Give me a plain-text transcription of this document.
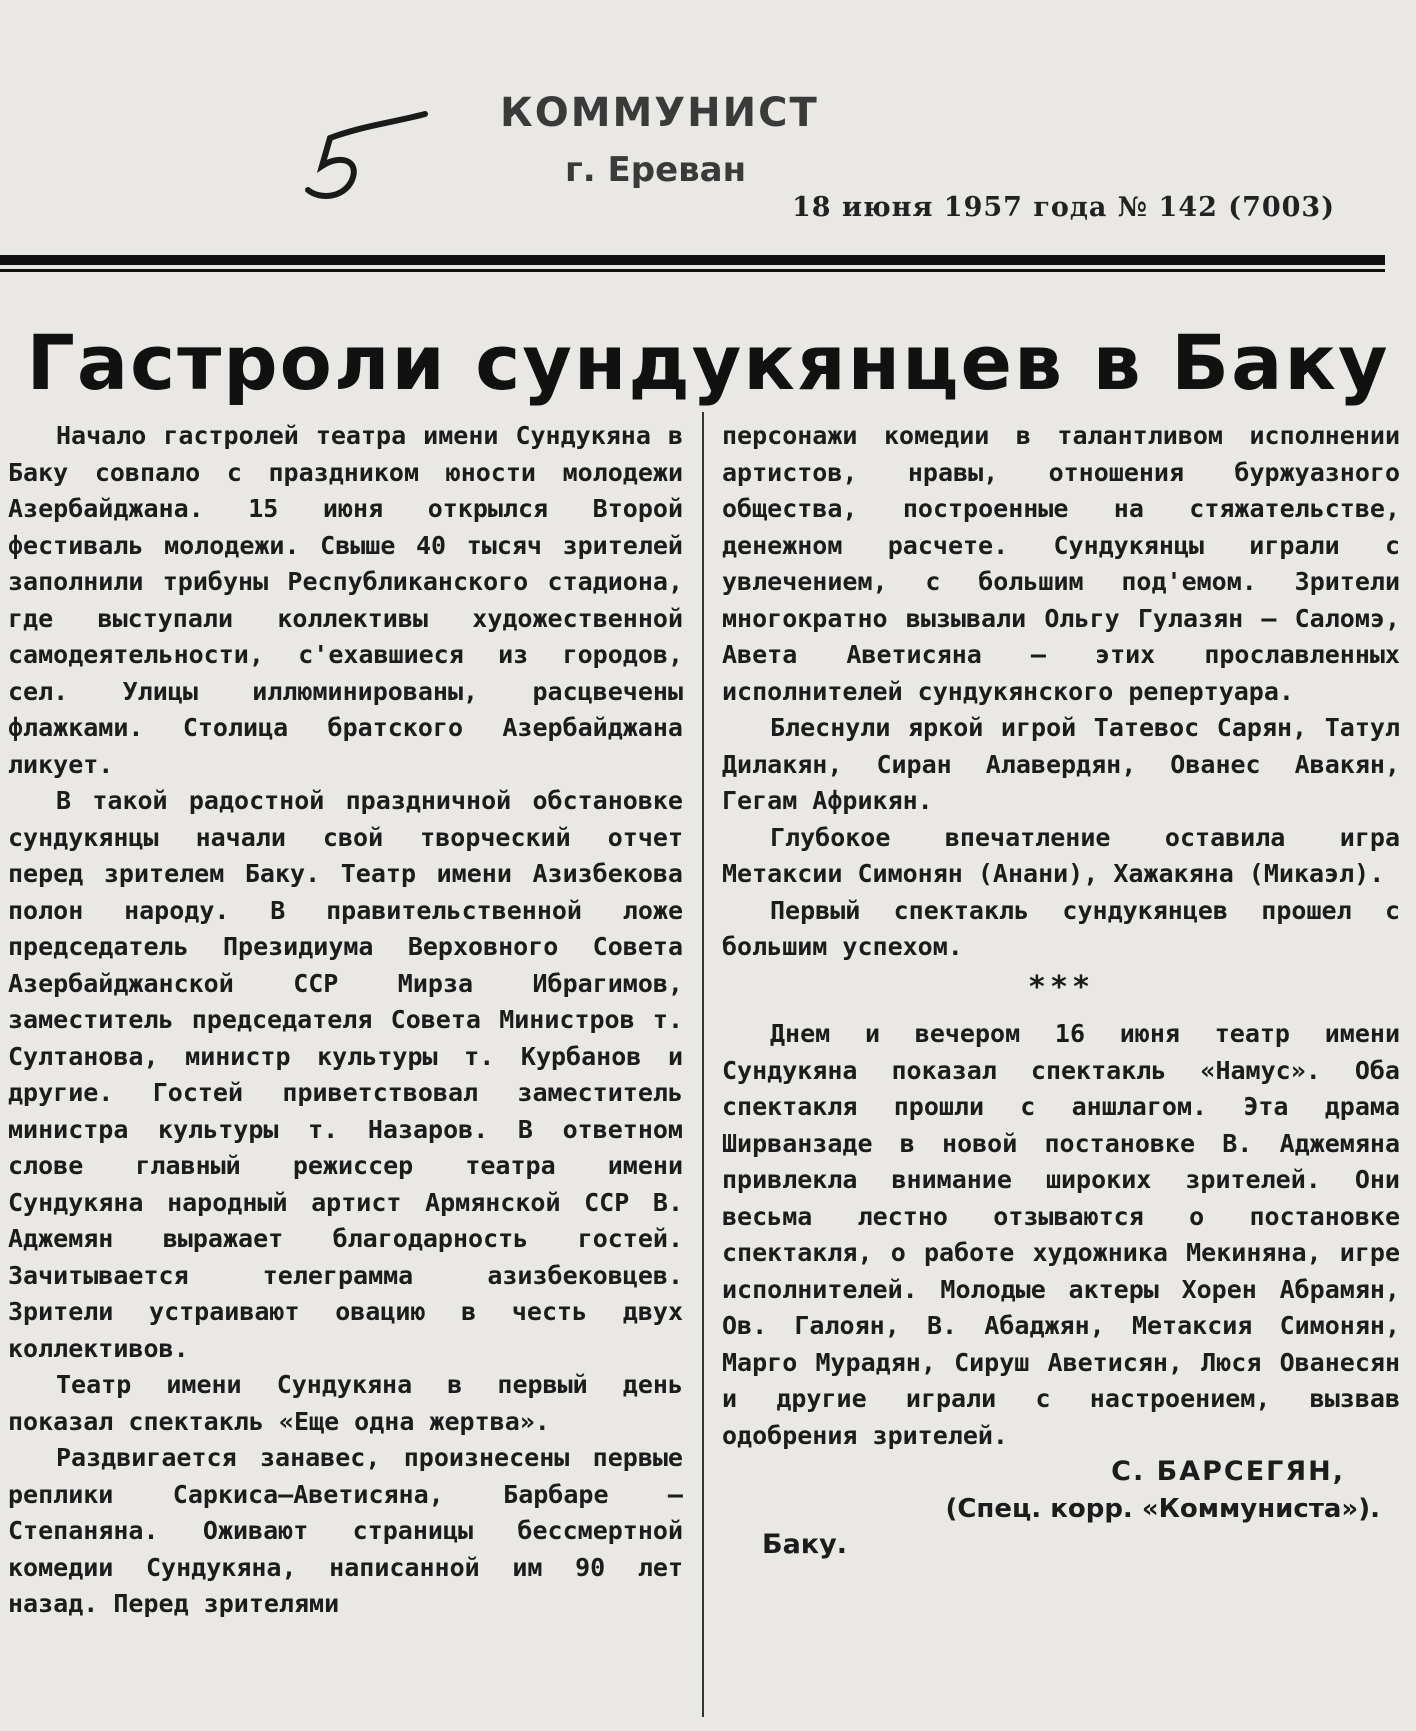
КОММУНИСТ
г. Ереван
18 июня 1957 года № 142 (7003)
Гастроли сундукянцев в Баку

Начало гастролей театра имени Сундукяна в Баку совпало с праздником юности молодежи Азербайджана. 15 июня открылся Второй фестиваль молодежи. Свыше 40 тысяч зрителей заполнили трибуны Республиканского стадиона, где выступали коллективы художественной самодеятельности, с'ехавшиеся из городов, сел. Улицы иллюминированы, расцвечены флажками. Столица братского Азербайджана ликует.

В такой радостной праздничной обстановке сундукянцы начали свой творческий отчет перед зрителем Баку. Театр имени Азизбекова полон народу. В правительственной ложе председатель Президиума Верховного Совета Азербайджанской ССР Мирза Ибрагимов, заместитель председателя Совета Министров т. Султанова, министр культуры т. Курбанов и другие. Гостей приветствовал заместитель министра культуры т. Назаров. В ответном слове главный режиссер театра имени Сундукяна народный артист Армянской ССР В. Аджемян выражает благодарность гостей. Зачитывается телеграмма азизбековцев. Зрители устраивают овацию в честь двух коллективов.

Театр имени Сундукяна в первый день показал спектакль «Еще одна жертва».

Раздвигается занавес, произнесены первые реплики Саркиса—Аветисяна, Барбаре — Степаняна. Оживают страницы бессмертной комедии Сундукяна, написанной им 90 лет назад. Перед зрителями

персонажи комедии в талантливом исполнении артистов, нравы, отношения буржуазного общества, построенные на стяжательстве, денежном расчете. Сундукянцы играли с увлечением, с большим под'емом. Зрители многократно вызывали Ольгу Гулазян — Саломэ, Авета Аветисяна — этих прославленных исполнителей сундукянского репертуара.

Блеснули яркой игрой Татевос Сарян, Татул Дилакян, Сиран Алавердян, Ованес Авакян, Гегам Африкян.

Глубокое впечатление оставила игра Метаксии Симонян (Анани), Хажакяна (Микаэл).

Первый спектакль сундукянцев прошел с большим успехом.

***

Днем и вечером 16 июня театр имени Сундукяна показал спектакль «Намус». Оба спектакля прошли с аншлагом. Эта драма Ширванзаде в новой постановке В. Аджемяна привлекла внимание широких зрителей. Они весьма лестно отзываются о постановке спектакля, о работе художника Мекиняна, игре исполнителей. Молодые актеры Хорен Абрамян, Ов. Галоян, В. Абаджян, Метаксия Симонян, Марго Мурадян, Сируш Аветисян, Люся Ованесян и другие играли с настроением, вызвав одобрения зрителей.

С. БАРСЕГЯН,

(Спец. корр. «Коммуниста»).

Баку.
